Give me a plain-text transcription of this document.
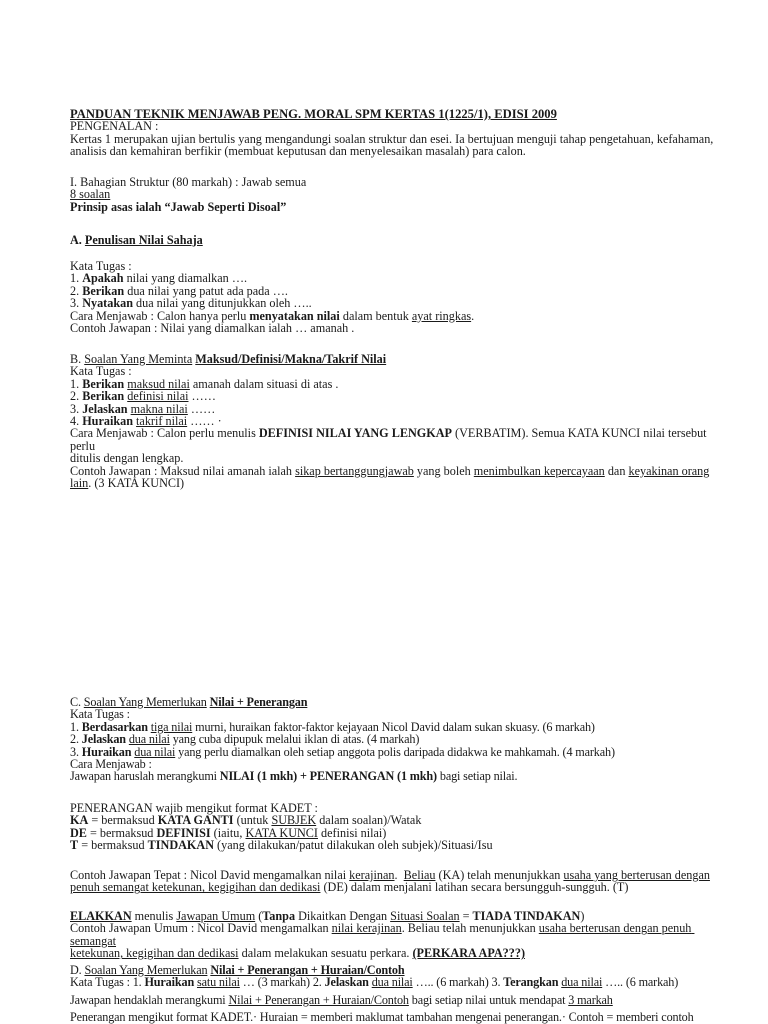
PANDUAN TEKNIK MENJAWAB PENG. MORAL SPM KERTAS 1(1225/1), EDISI 2009
PENGENALAN :
Kertas 1 merupakan ujian bertulis yang mengandungi soalan struktur dan esei. Ia bertujuan menguji tahap pengetahuan, kefahaman,
analisis dan kemahiran berfikir (membuat keputusan dan menyelesaikan masalah) para calon.
I. Bahagian Struktur (80 markah) : Jawab semua
8 soalan
Prinsip asas ialah “Jawab Seperti Disoal”
A. Penulisan Nilai Sahaja
Kata Tugas :
1. Apakah nilai yang diamalkan ….
2. Berikan dua nilai yang patut ada pada ….
3. Nyatakan dua nilai yang ditunjukkan oleh …..
Cara Menjawab : Calon hanya perlu menyatakan nilai dalam bentuk ayat ringkas.
Contoh Jawapan : Nilai yang diamalkan ialah … amanah .
B. Soalan Yang Meminta Maksud/Definisi/Makna/Takrif Nilai
Kata Tugas :
1. Berikan maksud nilai amanah dalam situasi di atas .
2. Berikan definisi nilai ……
3. Jelaskan makna nilai ……
4. Huraikan takrif nilai …… ·
Cara Menjawab : Calon perlu menulis DEFINISI NILAI YANG LENGKAP (VERBATIM). Semua KATA KUNCI nilai tersebut perlu
ditulis dengan lengkap.
Contoh Jawapan : Maksud nilai amanah ialah sikap bertanggungjawab yang boleh menimbulkan kepercayaan dan keyakinan orang
lain. (3 KATA KUNCI)
C. Soalan Yang Memerlukan Nilai + Penerangan
Kata Tugas :
1. Berdasarkan tiga nilai murni, huraikan faktor-faktor kejayaan Nicol David dalam sukan skuasy. (6 markah)
2. Jelaskan dua nilai yang cuba dipupuk melalui iklan di atas. (4 markah)
3. Huraikan dua nilai yang perlu diamalkan oleh setiap anggota polis daripada didakwa ke mahkamah. (4 markah)
Cara Menjawab :
Jawapan haruslah merangkumi NILAI (1 mkh) + PENERANGAN (1 mkh) bagi setiap nilai.
PENERANGAN wajib mengikut format KADET :
KA = bermaksud KATA GANTI (untuk SUBJEK dalam soalan)/Watak
DE = bermaksud DEFINISI (iaitu, KATA KUNCI definisi nilai)
T = bermaksud TINDAKAN (yang dilakukan/patut dilakukan oleh subjek)/Situasi/Isu
Contoh Jawapan Tepat : Nicol David mengamalkan nilai kerajinan.  Beliau (KA) telah menunjukkan usaha yang berterusan dengan
penuh semangat ketekunan, kegigihan dan dedikasi (DE) dalam menjalani latihan secara bersungguh-sungguh. (T)
ELAKKAN menulis Jawapan Umum (Tanpa Dikaitkan Dengan Situasi Soalan = TIADA TINDAKAN)
Contoh Jawapan Umum : Nicol David mengamalkan nilai kerajinan. Beliau telah menunjukkan usaha berterusan dengan penuh semangat
ketekunan, kegigihan dan dedikasi dalam melakukan sesuatu perkara. (PERKARA APA???)
D. Soalan Yang Memerlukan Nilai + Penerangan + Huraian/Contoh
Kata Tugas : 1. Huraikan satu nilai … (3 markah) 2. Jelaskan dua nilai ….. (6 markah) 3. Terangkan dua nilai ….. (6 markah)
Jawapan hendaklah merangkumi Nilai + Penerangan + Huraian/Contoh bagi setiap nilai untuk mendapat 3 markah
Penerangan mengikut format KADET.· Huraian = memberi maklumat tambahan mengenai penerangan.· Contoh = memberi contoh
